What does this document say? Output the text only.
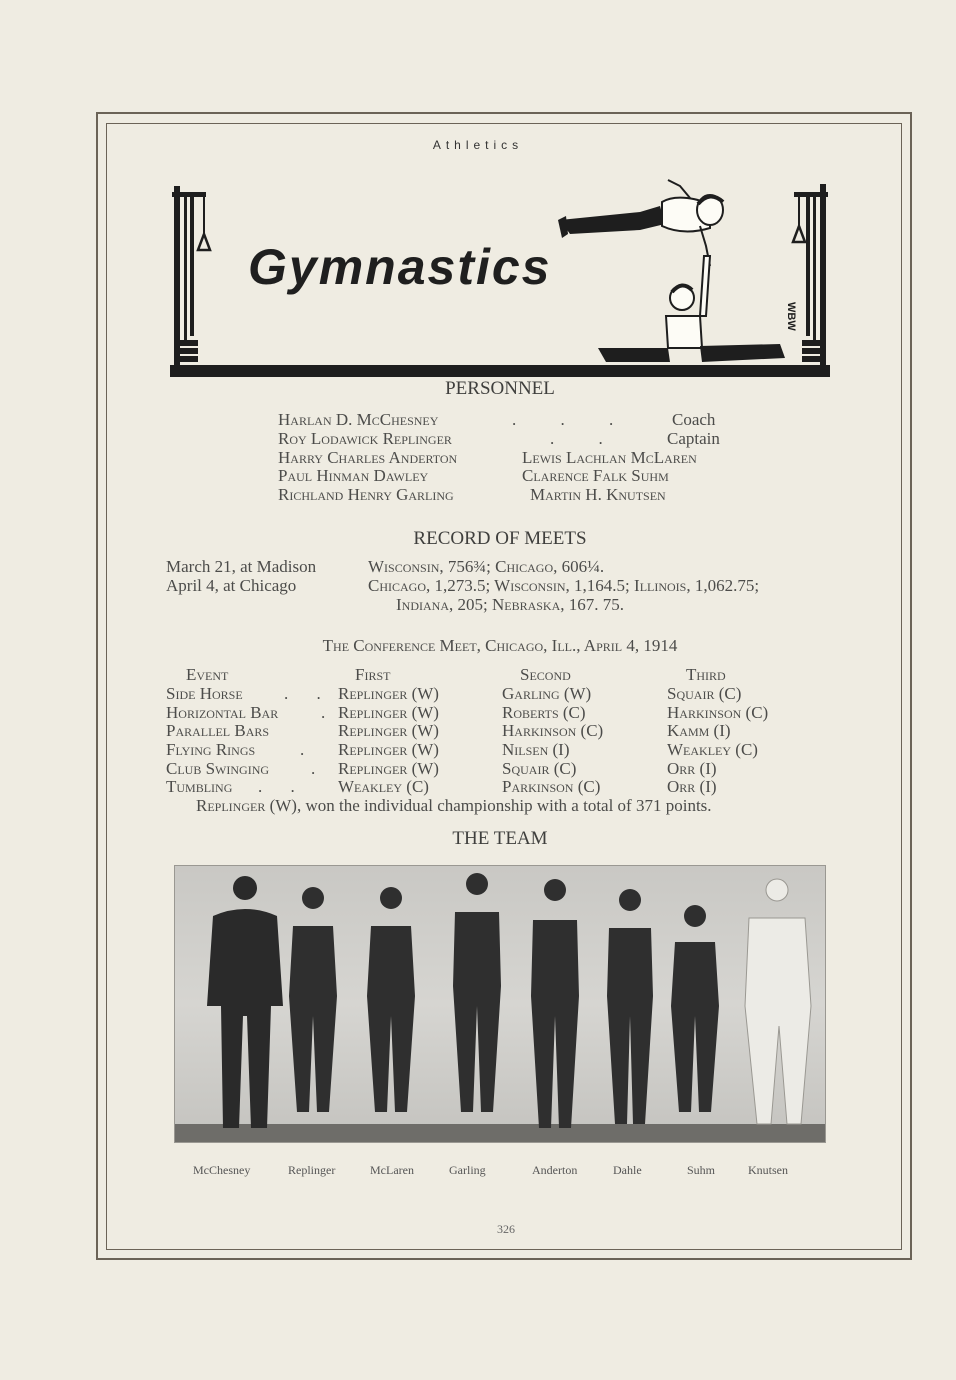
Athletics
WBW
Gymnastics
PERSONNEL
Harlan D. McChesney	. . . Coach
Roy Lodawick Replinger	. .	Captain
Harry Charles Anderton	Lewis Lachlan McLaren
Paul Hinman Dawley	Clarence Falk Suhm
Richland Henry Garling	Martin H. Knutsen
RECORD OF MEETS
March 21, at Madison	Wisconsin, 756¾; Chicago, 606¼.
April 4, at Chicago	Chicago, 1,273.5; Wisconsin, 1,164.5; Illinois, 1,062.75;
Indiana, 205; Nebraska, 167. 75.
The Conference Meet, Chicago, Ill., April 4, 1914
Event	First	Second	Third
Side Horse . . Replinger (W)	Garling (W)	Squair (C)
Horizontal Bar	. Replinger (W)	Roberts (C)	Harkinson (C)
Parallel Bars	Replinger (W)	Harkinson (C)	Kamm (I)
Flying Rings	. Replinger (W)	Nilsen (I)	Weakley (C)
Club Swinging . Replinger (W)	Squair (C)	Orr (I)
Tumbling . . Weakley (C)	Parkinson (C)	Orr (I)
Replinger (W), won the individual championship with a total of 371 points.
THE TEAM
McChesney	Replinger	McLaren	Garling	Anderton	Dahle	Suhm	Knutsen
326
